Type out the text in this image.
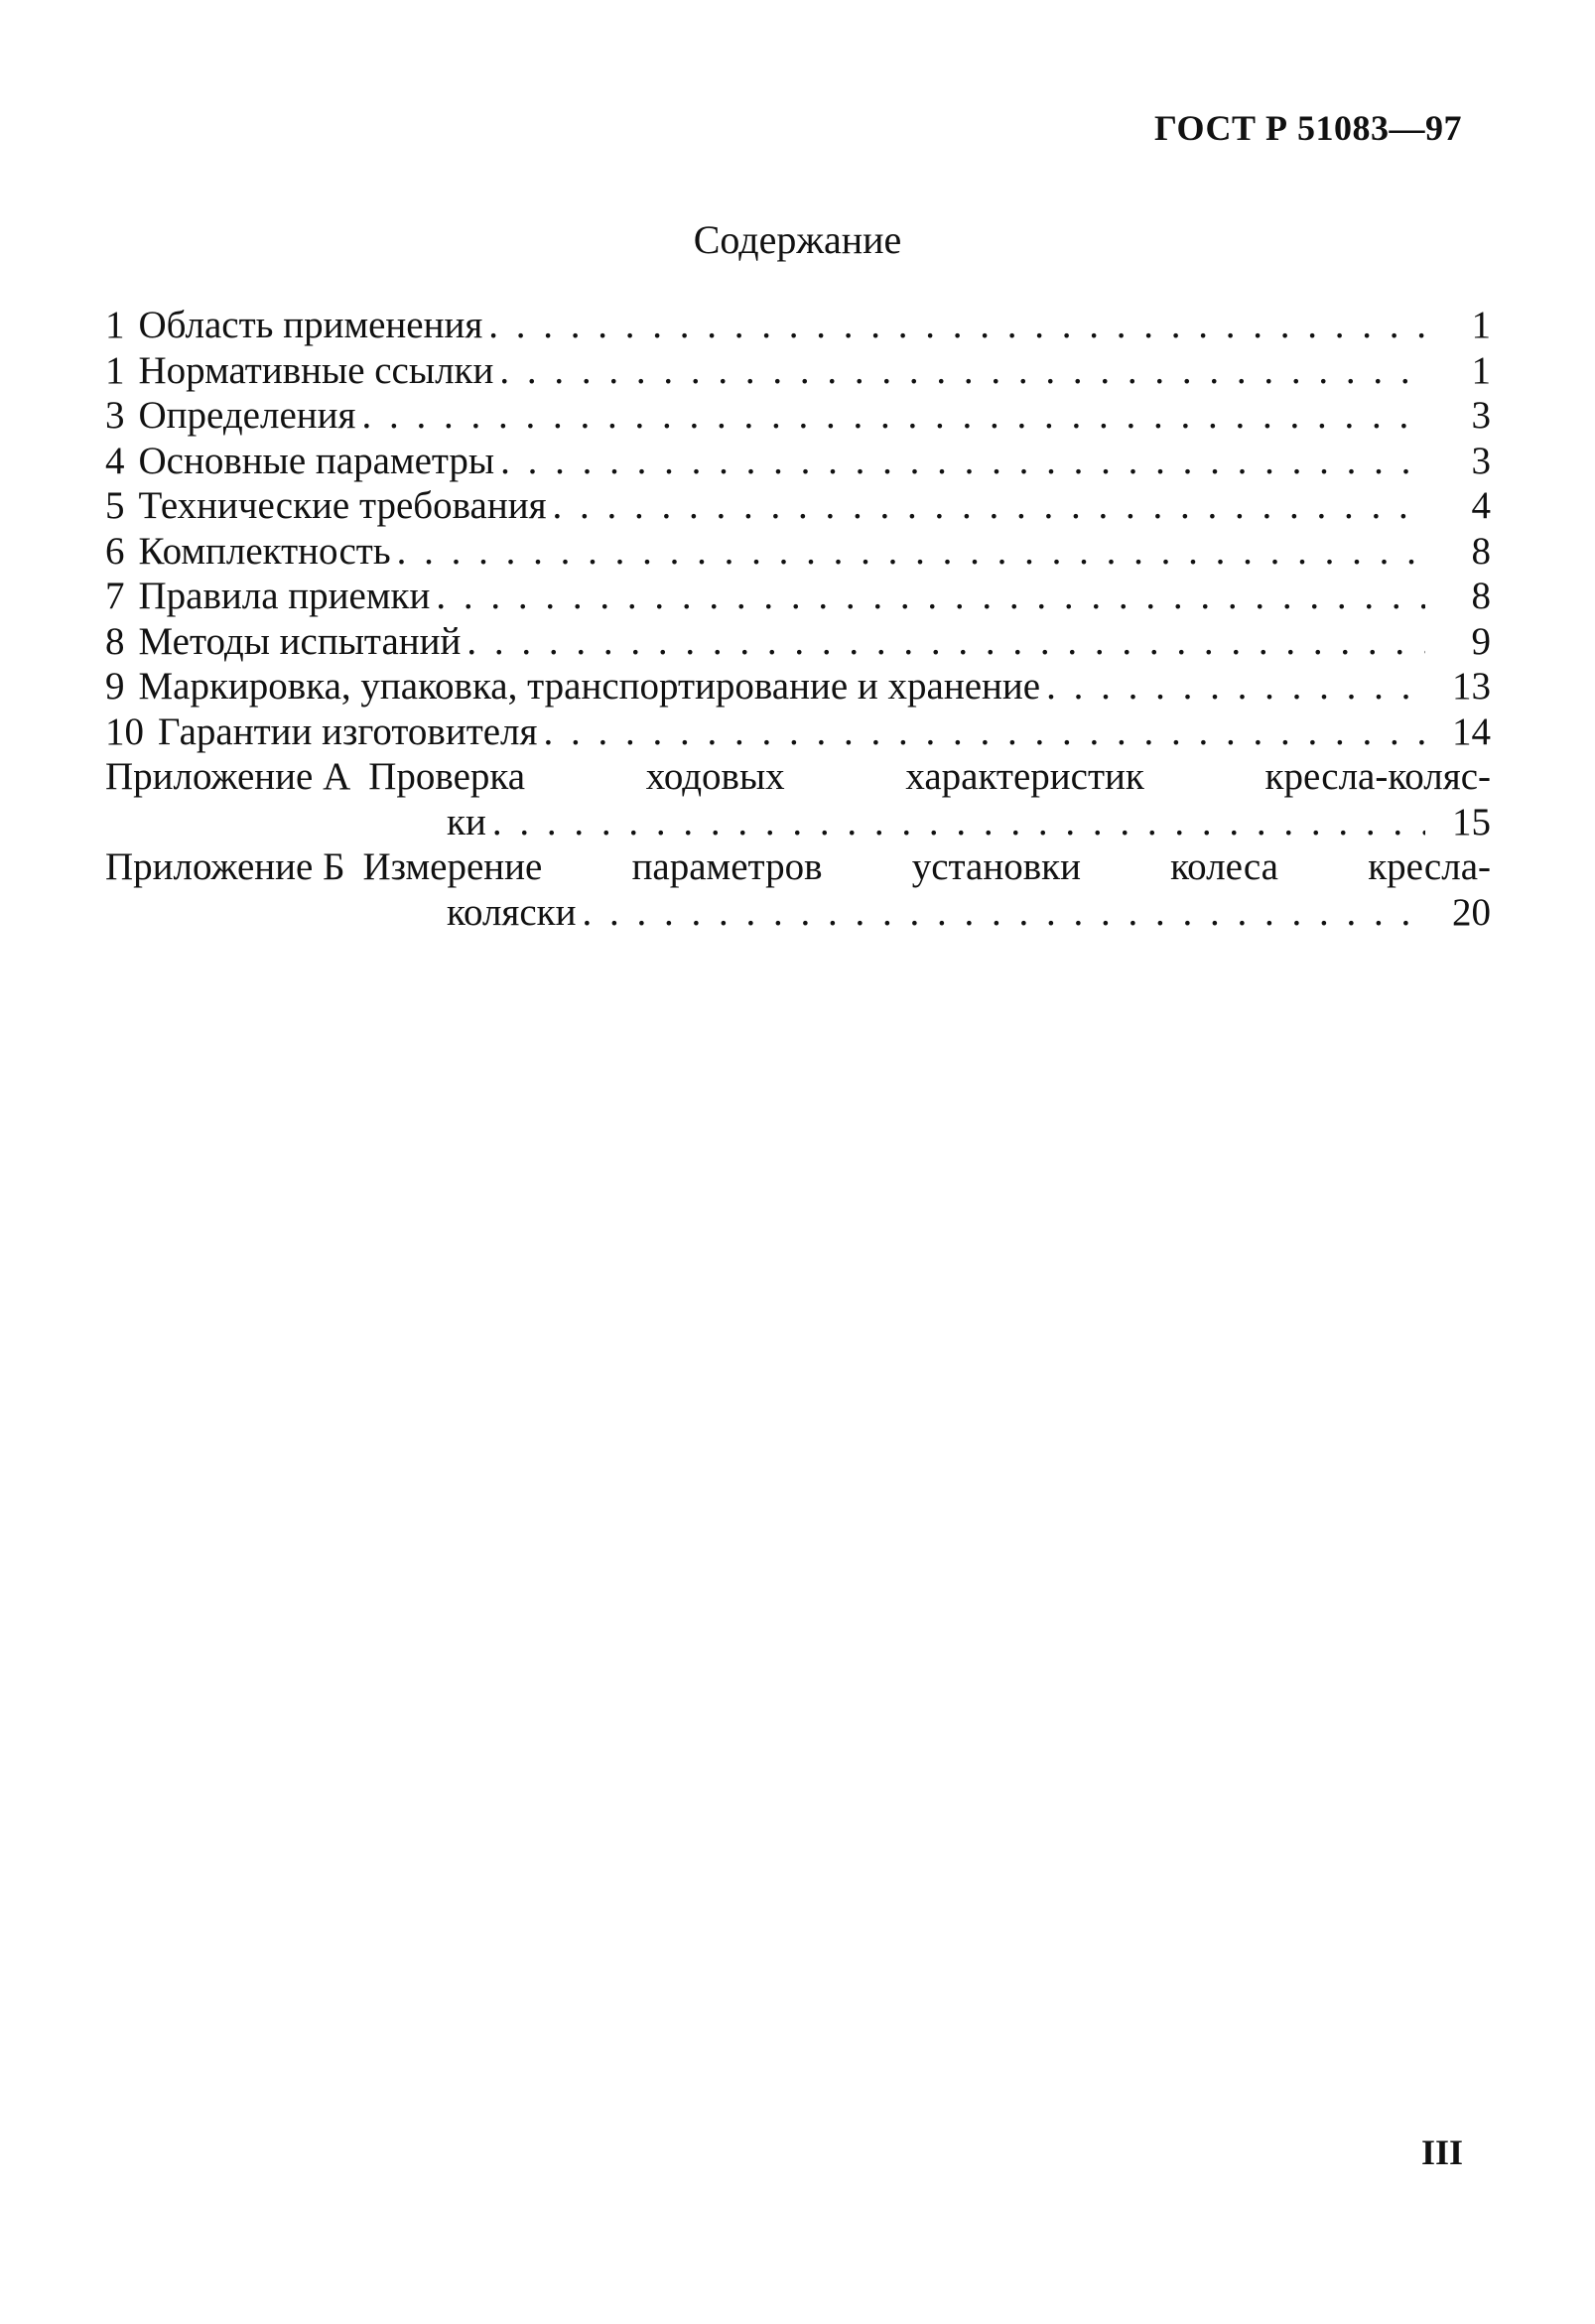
ГОСТ Р 51083—97
Содержание
1 Область применения . . .	1
1 Нормативные ссылки . . .	1
3 Определения . . .	3
4 Основные параметры . . .	3
5 Технические требования . . .	4
6 Комплектность . . .	8
7 Правила приемки . . .	8
8 Методы испытаний . . .	9
9 Маркировка, упаковка, транспортирование и хранение . . .	13
10 Гарантии изготовителя . . .	14
Приложение А Проверка ходовых характеристик кресла-коляс-
ки . . .	15
Приложение Б Измерение параметров установки колеса кресла-
коляски . . .	20
III
